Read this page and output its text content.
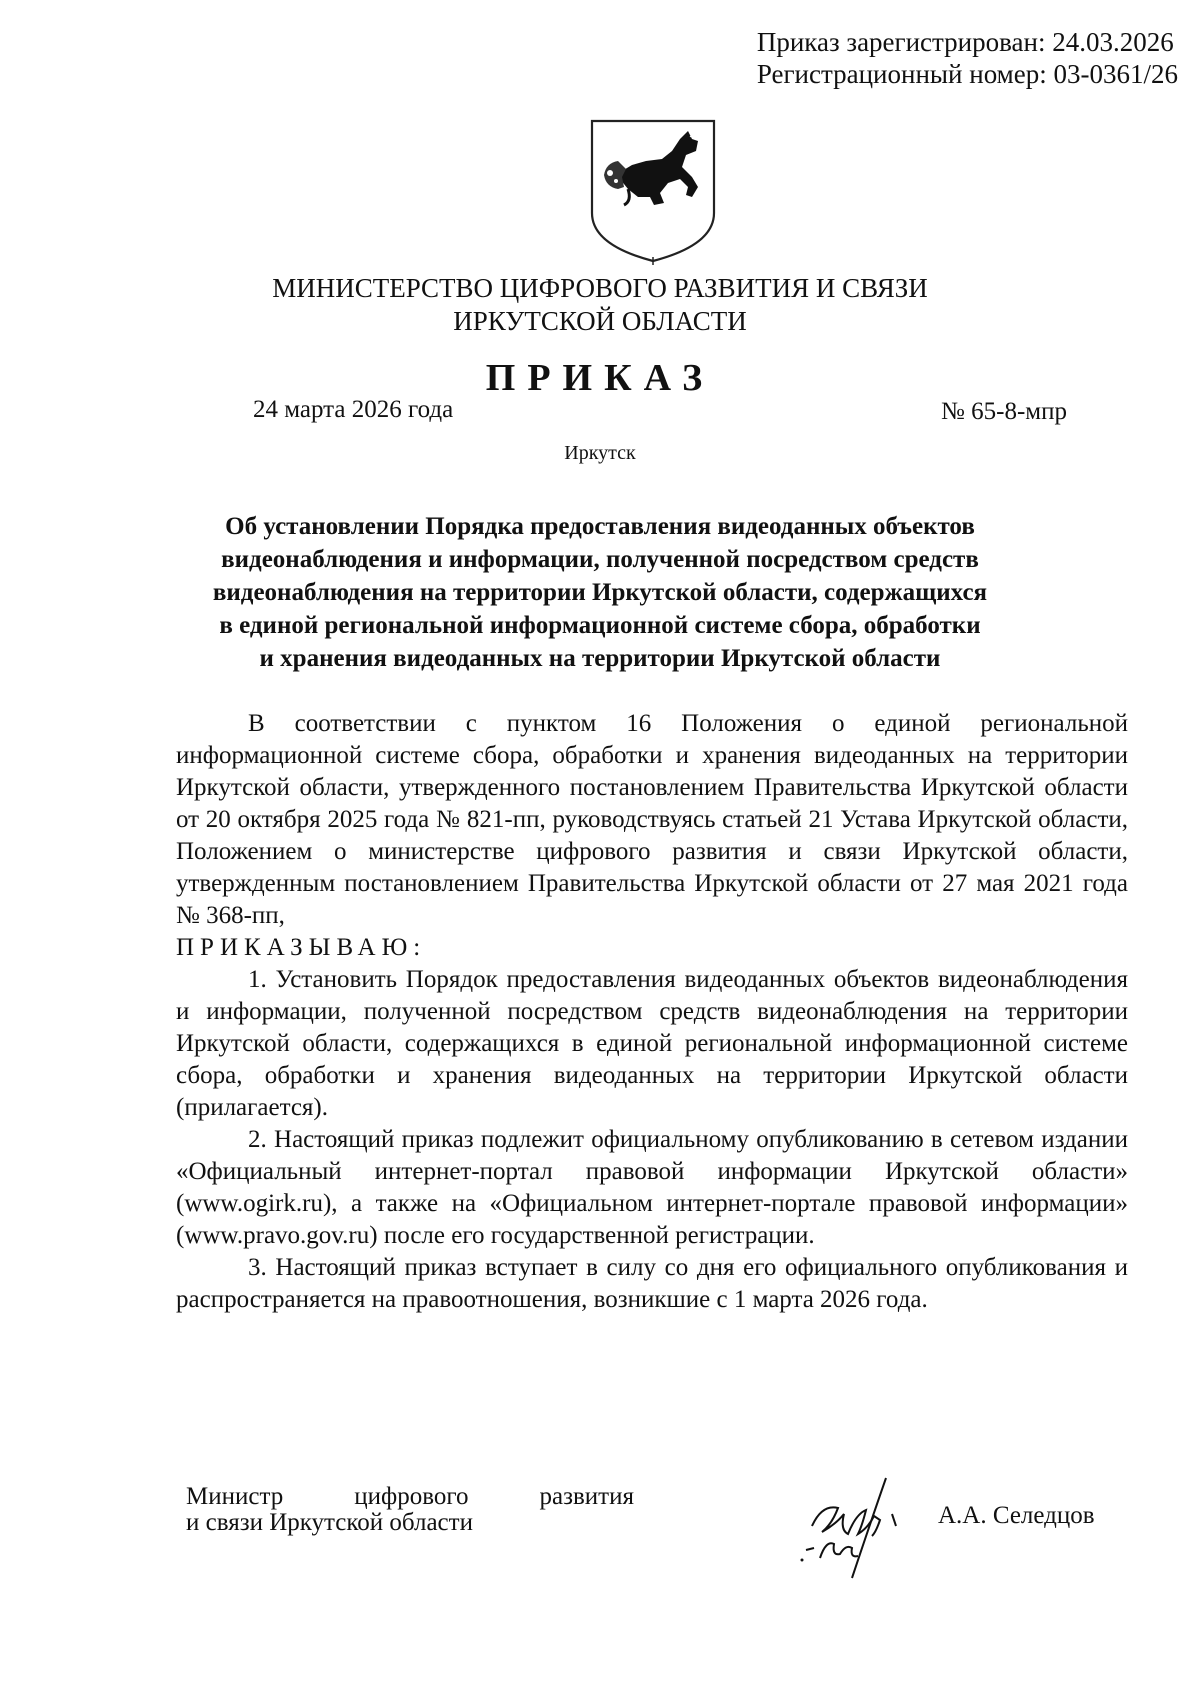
Приказ зарегистрирован: 24.03.2026
Регистрационный номер: 03-0361/26
МИНИСТЕРСТВО ЦИФРОВОГО РАЗВИТИЯ И СВЯЗИ
ИРКУТСКОЙ ОБЛАСТИ
ПРИКАЗ
24 марта 2026 года	№ 65-8-мпр
Иркутск
Об установлении Порядка предоставления видеоданных объектов
видеонаблюдения и информации, полученной посредством средств
видеонаблюдения на территории Иркутской области, содержащихся
в единой региональной информационной системе сбора, обработки
и хранения видеоданных на территории Иркутской области

В соответствии с пунктом 16 Положения о единой региональной информационной системе сбора, обработки и хранения видеоданных на территории Иркутской области, утвержденного постановлением Правительства Иркутской области от 20 октября 2025 года № 821-пп, руководствуясь статьей 21 Устава Иркутской области, Положением о министерстве цифрового развития и связи Иркутской области, утвержденным постановлением Правительства Иркутской области от 27 мая 2021 года № 368-пп,

ПРИКАЗЫВАЮ:

1. Установить Порядок предоставления видеоданных объектов видеонаблюдения и информации, полученной посредством средств видеонаблюдения на территории Иркутской области, содержащихся в единой региональной информационной системе сбора, обработки и хранения видеоданных на территории Иркутской области (прилагается).

2. Настоящий приказ подлежит официальному опубликованию в сетевом издании «Официальный интернет-портал правовой информации Иркутской области» (www.ogirk.ru), а также на «Официальном интернет-портале правовой информации» (www.pravo.gov.ru) после его государственной регистрации.

3. Настоящий приказ вступает в силу со дня его официального опубликования и распространяется на правоотношения, возникшие с 1 марта 2026 года.

Министр	цифрового	развития
и связи Иркутской области	А.А. Селедцов
